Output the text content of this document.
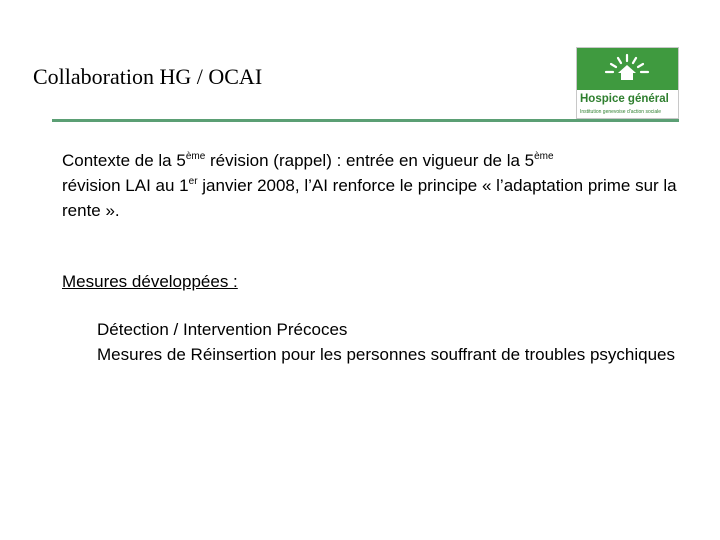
Collaboration HG / OCAI
Hospice général
Institution genevoise d'action sociale
Contexte de la 5ème révision (rappel) : entrée en vigueur de la 5ème
révision LAI au 1er janvier 2008, l’AI renforce le principe « l’adaptation prime sur la rente ».
Mesures développées :
Détection / Intervention Précoces
Mesures de Réinsertion pour les personnes souffrant de troubles psychiques
